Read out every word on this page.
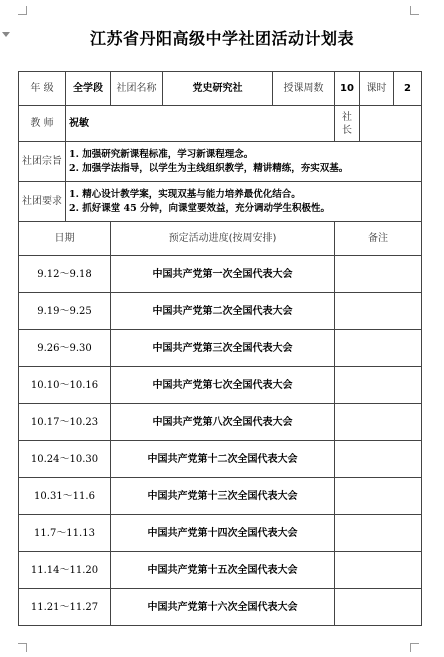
江苏省丹阳高级中学社团活动计划表
年 级	全学段	社团名称	党史研究社	授课周数	10	课时	2
教 师	祝敏				社长		
社团宗旨	1. 加强研究新课程标准，学习新课程理念。
2. 加强学法指导，以学生为主线组织教学，精讲精练，夯实双基。						

社团要求	1. 精心设计教学案，实现双基与能力培养最优化结合。
2. 抓好课堂 45 分钟，向课堂要效益，充分调动学生积极性。						

日期		预定活动进度(按周安排)			备注		
9.12～9.18		中国共产党第一次全国代表大会					
9.19～9.25		中国共产党第二次全国代表大会					
9.26～9.30		中国共产党第三次全国代表大会					
10.10～10.16		中国共产党第七次全国代表大会					
10.17～10.23		中国共产党第八次全国代表大会					
10.24～10.30		中国共产党第十二次全国代表大会					
10.31～11.6		中国共产党第十三次全国代表大会					
11.7～11.13		中国共产党第十四次全国代表大会					
11.14～11.20		中国共产党第十五次全国代表大会					
11.21～11.27		中国共产党第十六次全国代表大会					
